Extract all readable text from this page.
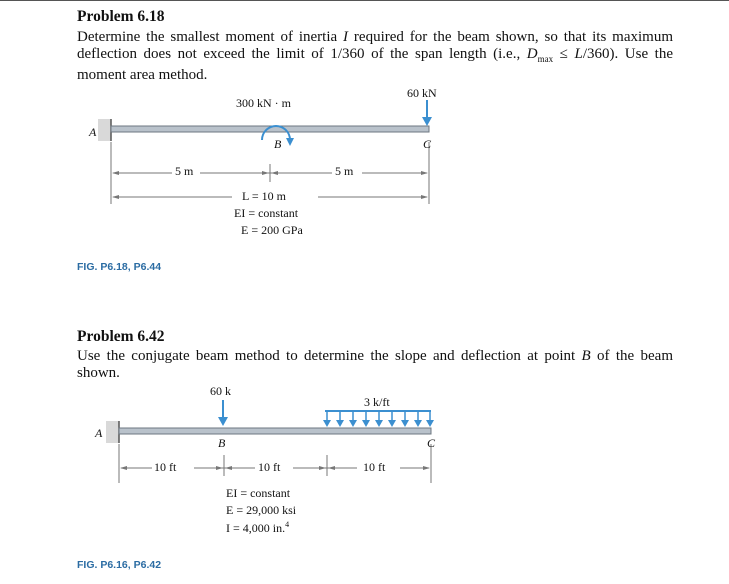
Problem 6.18

Determine the smallest moment of inertia I required for the beam shown, so that its maximum deflection does not exceed the limit of 1/360 of the span length (i.e., $D_{max} \le L/360$). Use the moment area method.

300 kN · m
60 kN
A
B	C
5 m	5 m
L = 10 m
EI = constant
E = 200 GPa
FIG. P6.18, P6.44

Problem 6.42

Use the conjugate beam method to determine the slope and deflection at point B of the beam shown.

60 k
3 k/ft
A
B	C
10 ft	10 ft	10 ft
EI = constant
E = 29,000 ksi
I = 4,000 in.$^4$
FIG. P6.16, P6.42
